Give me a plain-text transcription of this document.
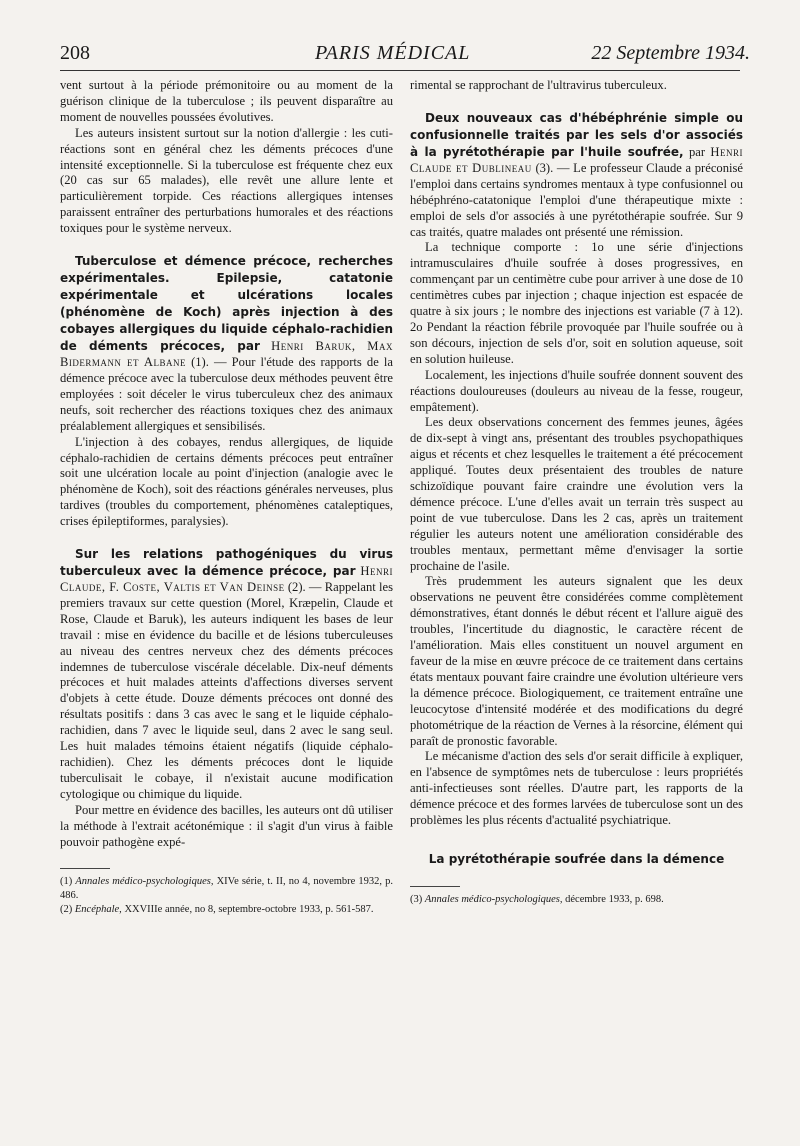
208	PARIS MÉDICAL	22 Septembre 1934.

vent surtout à la période prémonitoire ou au moment de la guérison clinique de la tuberculose ; ils peuvent disparaître au moment de nouvelles poussées évolutives.

Les auteurs insistent surtout sur la notion d'allergie : les cuti-réactions sont en général chez les déments précoces d'une intensité exceptionnelle. Si la tuberculose est fréquente chez eux (20 cas sur 65 malades), elle revêt une allure lente et particulièrement torpide. Ces réactions allergiques intenses paraissent entraîner des perturbations humorales et des réactions toxiques pour le système nerveux.

Tuberculose et démence précoce, recherches expérimentales. Epilepsie, catatonie expérimentale et ulcérations locales (phénomène de Koch) après injection à des cobayes allergiques du liquide céphalo-rachidien de déments précoces, par Henri Baruk, Max Bidermann et Albane (1). — Pour l'étude des rapports de la démence précoce avec la tuberculose deux méthodes peuvent être employées : soit déceler le virus tuberculeux chez des animaux neufs, soit rechercher des réactions toxiques chez des animaux préalablement allergiques et sensibilisés.

L'injection à des cobayes, rendus allergiques, de liquide céphalo-rachidien de certains déments précoces peut entraîner soit une ulcération locale au point d'injection (analogie avec le phénomène de Koch), soit des réactions générales nerveuses, plus tardives (troubles du comportement, phénomènes cataleptiques, crises épileptiformes, paralysies).

Sur les relations pathogéniques du virus tuberculeux avec la démence précoce, par Henri Claude, F. Coste, Valtis et Van Deinse (2). — Rappelant les premiers travaux sur cette question (Morel, Kræpelin, Claude et Rose, Claude et Baruk), les auteurs indiquent les bases de leur travail : mise en évidence du bacille et de lésions tuberculeuses au niveau des centres nerveux chez des déments précoces indemnes de tuberculose viscérale décelable. Dix-neuf déments précoces et huit malades atteints d'affections diverses servent d'objets à cette étude. Douze déments précoces ont donné des résultats positifs : dans 3 cas avec le sang et le liquide céphalo-rachidien, dans 7 avec le liquide seul, dans 2 avec le sang seul. Les huit malades témoins étaient négatifs (liquide céphalo-rachidien). Chez les déments précoces dont le liquide tuberculisait le cobaye, il n'existait aucune modification cytologique ou chimique du liquide.

Pour mettre en évidence des bacilles, les auteurs ont dû utiliser la méthode à l'extrait acétonémique : il s'agit d'un virus à faible pouvoir pathogène expé-

(1) Annales médico-psychologiques, XIVe série, t. II, no 4, novembre 1932, p. 486.

(2) Encéphale, XXVIIIe année, no 8, septembre-octobre 1933, p. 561-587.

rimental se rapprochant de l'ultravirus tuberculeux.

Deux nouveaux cas d'hébéphrénie simple ou confusionnelle traités par les sels d'or associés à la pyrétothérapie par l'huile soufrée, par Henri Claude et Dublineau (3). — Le professeur Claude a préconisé l'emploi dans certains syndromes mentaux à type confusionnel ou hébéphréno-catatonique l'emploi d'une thérapeutique mixte : emploi de sels d'or associés à une pyrétothérapie soufrée. Sur 9 cas traités, quatre malades ont présenté une rémission.

La technique comporte : 1o une série d'injections intramusculaires d'huile soufrée à doses progressives, en commençant par un centimètre cube pour arriver à une dose de 10 centimètres cubes par injection ; chaque injection est espacée de quatre à six jours ; le nombre des injections est variable (7 à 12). 2o Pendant la réaction fébrile provoquée par l'huile soufrée ou à son décours, injection de sels d'or, soit en solution aqueuse, soit en solution huileuse.

Localement, les injections d'huile soufrée donnent souvent des réactions douloureuses (douleurs au niveau de la fesse, rougeur, empâtement).

Les deux observations concernent des femmes jeunes, âgées de dix-sept à vingt ans, présentant des troubles psychopathiques aigus et récents et chez lesquelles le traitement a été précocement appliqué. Toutes deux présentaient des troubles de nature schizoïdique pouvant faire craindre une évolution vers la démence précoce. L'une d'elles avait un terrain très suspect au point de vue tuberculose. Dans les 2 cas, après un traitement régulier les auteurs notent une amélioration considérable des troubles mentaux, permettant même d'envisager la sortie prochaine de l'asile.

Très prudemment les auteurs signalent que les deux observations ne peuvent être considérées comme complètement démonstratives, étant donnés le début récent et l'allure aiguë des troubles, l'incertitude du diagnostic, le caractère récent de l'amélioration. Mais elles constituent un nouvel argument en faveur de la mise en œuvre précoce de ce traitement dans certains états mentaux pouvant faire craindre une évolution ultérieure vers la démence précoce. Biologiquement, ce traitement entraîne une leucocytose d'intensité modérée et des modifications du degré photométrique de la réaction de Vernes à la résorcine, élément qui paraît de pronostic favorable.

Le mécanisme d'action des sels d'or serait difficile à expliquer, en l'absence de symptômes nets de tuberculose : leurs propriétés anti-infectieuses sont réelles. D'autre part, les rapports de la démence précoce et des formes larvées de tuberculose sont un des problèmes les plus récents d'actualité psychiatrique.

La pyrétothérapie soufrée dans la démence

(3) Annales médico-psychologiques, décembre 1933, p. 698.
